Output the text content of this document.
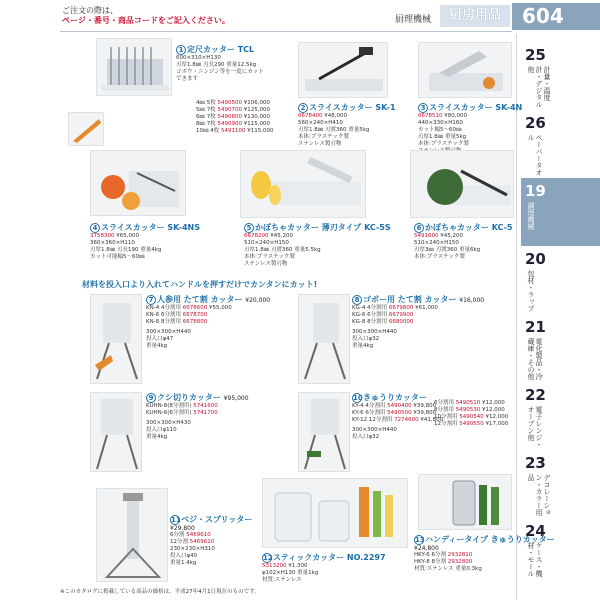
ご注文の際は、
ページ・番号・商品コードをご記入ください。	厨理機械	厨房用品	604
25
計量・温度計・デジタル他
26
ペーパータオル
19
調理機械
20
包材・ラップ
21
電化製品・冷蔵庫・その他
22
電子レンジ・オーブン他
23
デコレーション・カラー用品
24
ケース・機材・モール
1 定尺カッター TCL
600×310×H130
刃厚1.8㎜ 刃長290 重量12.5kg
ゴボウ・ニンジン等を一度にカットできます
4㎜ 5枚 5490500 ¥106,000
5㎜ 7枚 5490700 ¥125,000
6㎜ 7枚 5490800 ¥130,000
8㎜ 7枚 5490900 ¥115,000
10㎜ 4枚 5491100 ¥115,000
2 スライスカッター SK-1
6678400 ¥48,000
560×240×H410
刃厚1.8㎜ 刃渡360 重量5kg
本体:プラスチック製
ステンレス製刃物
3 スライスカッター SK-4N
6678510 ¥80,000
440×330×H160
カット幅5〜60㎜
刃厚1.8㎜ 重量5kg
本体:プラスチック製

4 スライスカッター SK-4NS
3758300 ¥65,000
360×360×H110
刃厚1.8㎜ 刃長190 重量4kg
カット可能幅5〜60㎜
5 かぼちゃカッター 薄刃タイプ KC-5S
6678200 ¥45,200
510×240×H150
刃厚1.8㎜ 刃渡360 重量5.5kg
本体:プラスチック製
ステンレス製刃物
6 かぼちゃカッター KC-5
5491600 ¥45,200
510×240×H150
刃厚3㎜ 刃渡360 重量6kg
本体:プラスチック製
材料を投入口より入れてハンドルを押すだけでカンタンにカット!
7 人参用 たて割 カッター ¥20,000
KN-4 4分割用 6678600 ¥55,000
KN-6 6分割用 6678700
KN-8 8分割用 6678800
300×300×H440
投入口φ47
重量4kg
8 ゴボー用 たて割 カッター ¥16,000
KG-4 4分割用 6679800 ¥61,000
KG-6 6分割用 6679900
KG-8 8分割用 6680000
300×300×H440
投入口φ32
重量4kg
9 クシ切りカッター ¥95,000
KUHN-8(8分割用) 5741600
KUHN-6(6分割用) 5741700
300×300×H430
投入口φ110
重量4kg
10きゅうりカッター
KY-4 4分割用 5490400 ¥39,800
KY-6 6分割用 5490500 ¥39,800
KY-12 12分割用 7274600 ¥41,800
300×300×H440
投入口φ32
6分割用 5490510 ¥12,000
8分割用 5490530 ¥12,000
10分割用 5490540 ¥12,000
12分割用 5490550 ¥17,000
11ベジ・スプリッター
¥29,800
6分割 5469610
12分割 5469620
230×230×H310
投入口φ40
重量1.4kg
12スティックカッター NO.2297
5313200 ¥1,300
φ102×H130 重量1kg
材質:ステンレス
13ハンディータイプ きゅうりカッター
¥24,800
HKY-6 6分割 2932810
HKY-8 8分割 2932800
材質:ステンレス 重量0.3kg
※このカタログに掲載している商品の価格は、平成27年4月1日現在のものです。
